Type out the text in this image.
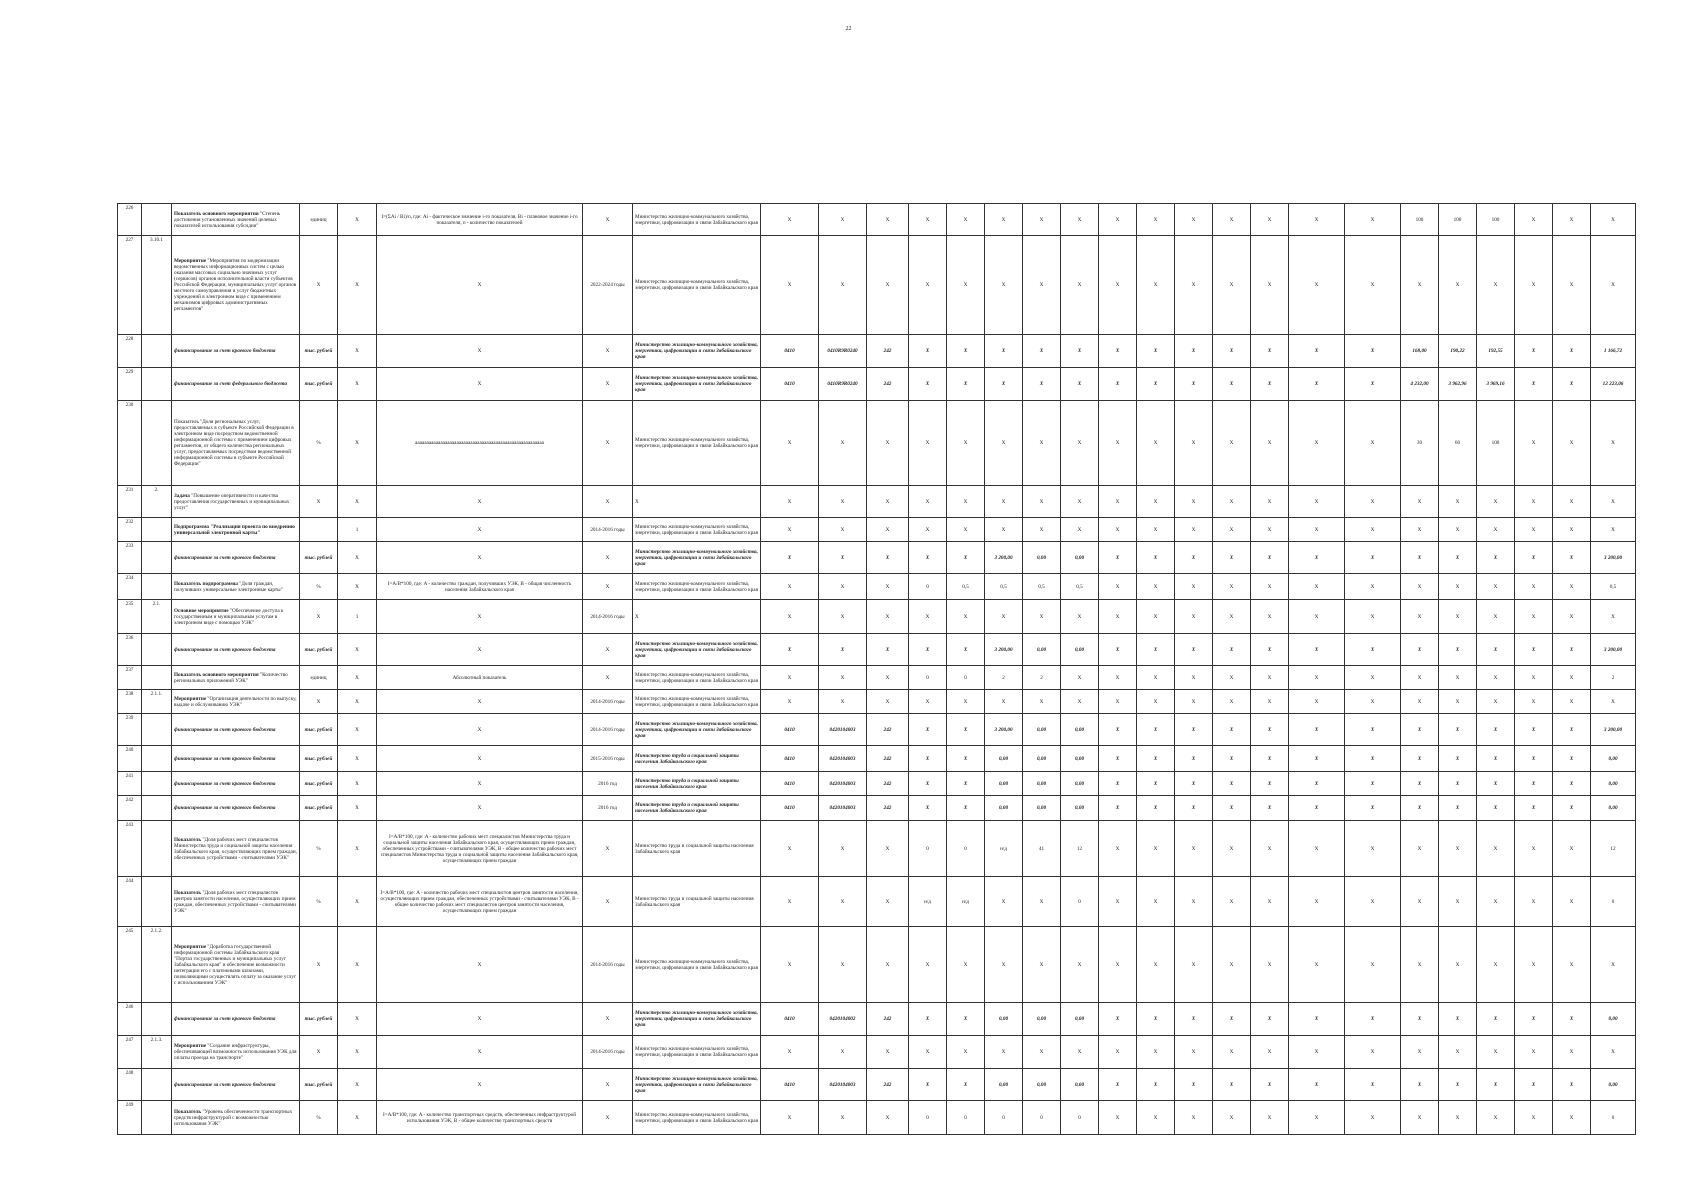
22
226		Показатель основного мероприятия "Степень достижения установленных значений целевых показателей использования субсидии"	единиц	X	I=(ΣAi / Bi)/n, где: Ai - фактическое значение i-го показателя, Bi - плановое значение i-го показателя, n - количество показателей	X	Министерство жилищно-коммунального хозяйства, энергетики, цифровизации и связи Забайкальского края	X	X	X	X	X	X	X	X	X	X	X	X	X	X	X	100	100	100	X	X	X
227	3.10.1	Мероприятие "Мероприятия по модернизации ведомственных информационных систем с целью оказания массовых социально значимых услуг (сервисов) органов исполнительной власти субъектов Российской Федерации, муниципальных услуг органов местного самоуправления и услуг бюджетных учреждений в электронном виде с применением механизмов цифровых административных регламентов"	X	X	X	2022-2024 годы	Министерство жилищно-коммунального хозяйства, энергетики, цифровизации и связи Забайкальского края	X	X	X	X	X	X	X	X	X	X	X	X	X	X	X	X	X	X	X	X	X
228		финансирование за счет краевого бюджета	тыс. рублей	X	X	X	Министерство жилищно-коммунального хозяйства, энергетики, цифровизации и связи Забайкальского края	0410	0410R9R0240	242	X	X	X	X	X	X	X	X	X	X	X	X	168,00	190,22	192,55	X	X	1 166,72
229		финансирование за счет федерального бюджета	тыс. рублей	X	X	X	Министерство жилищно-коммунального хозяйства, энергетики, цифровизации и связи Забайкальского края	0410	0410R9R0240	242	X	X	X	X	X	X	X	X	X	X	X	X	4 232,00	3 962,96	3 969,16	X	X	12 223,06
230		Показатель "Доля региональных услуг, предоставляемых в субъекте Российской Федерации в электронном виде посредством ведомственной информационной системы с применением цифровых регламентов, от общего количества региональных услуг, предоставляемых посредством ведомственной информационной системы в субъекте Российской Федерации"	%	X	аааааааааааааааааааааааааааааааааааааааааааааааааааааааа	X	Министерство жилищно-коммунального хозяйства, энергетики, цифровизации и связи Забайкальского края	X	X	X	X	X	X	X	X	X	X	X	X	X	X	X	30	60	100	X	X	X
231	2.	Задача "Повышение оперативности и качества предоставления государственных и муниципальных услуг"	X	X	X	X	X	X	X	X	X	X	X	X	X	X	X	X	X	X	X	X	X	X	X	X	X	X
232		Подпрограмма "Реализация проекта по внедрению универсальной электронной карты"		1	X	2014-2016 годы	Министерство жилищно-коммунального хозяйства, энергетики, цифровизации и связи Забайкальского края	X	X	X	X	X	X	X	X	X	X	X	X	X	X	X	X	X	X	X	X	X
233		финансирование за счет краевого бюджета	тыс. рублей	X	X	X	Министерство жилищно-коммунального хозяйства, энергетики, цифровизации и связи Забайкальского края	X	X	X	X	X	3 200,00	0,00	0,00	X	X	X	X	X	X	X	X	X	X	X	X	3 200,00
234		Показатель подпрограммы "Доля граждан, получивших универсальные электронные карты"	%	X	I=A/B*100, где: A - количество граждан, получивших УЭК, B - общая численность населения Забайкальского края	X	Министерство жилищно-коммунального хозяйства, энергетики, цифровизации и связи Забайкальского края	X	X	X	0	0,5	0,5	0,5	0,5	X	X	X	X	X	X	X	X	X	X	X	X	0,5
235	2.1.	Основное мероприятие "Обеспечение доступа к государственным и муниципальным услугам в электронном виде с помощью УЭК"	X	1	X	2014-2016 годы	X	X	X	X	X	X	X	X	X	X	X	X	X	X	X	X	X	X	X	X	X	X
236		финансирование за счет краевого бюджета	тыс. рублей	X	X	X	Министерство жилищно-коммунального хозяйства, энергетики, цифровизации и связи Забайкальского края	X	X	X	X	X	3 200,00	0,00	0,00	X	X	X	X	X	X	X	X	X	X	X	X	3 200,00
237		Показатель основного мероприятия "Количество региональных приложений УЭК"	единиц	X	Абсолютный показатель	X	Министерство жилищно-коммунального хозяйства, энергетики, цифровизации и связи Забайкальского края	X	X	X	0	0	2	2	X	X	X	X	X	X	X	X	X	X	X	X	X	2
238	2.1.1.	Мероприятие "Организация деятельности по выпуску, выдаче и обслуживанию УЭК"	X	X	X	2014-2016 годы	Министерство жилищно-коммунального хозяйства, энергетики, цифровизации и связи Забайкальского края	X	X	X	X	X	X	X	X	X	X	X	X	X	X	X	X	X	X	X	X	X
239		финансирование за счет краевого бюджета	тыс. рублей	X	X	2014-2016 годы	Министерство жилищно-коммунального хозяйства, энергетики, цифровизации и связи Забайкальского края	0410	0420104003	242	X	X	3 200,00	0,00	0,00	X	X	X	X	X	X	X	X	X	X	X	X	3 200,00
240		финансирование за счет краевого бюджета	тыс. рублей	X	X	2015-2016 годы	Министерство труда и социальной защиты населения Забайкальского края	0410	0420104003	242	X	X	0,00	0,00	0,00	X	X	X	X	X	X	X	X	X	X	X	X	0,00
241		финансирование за счет краевого бюджета	тыс. рублей	X	X	2016 год	Министерство труда и социальной защиты населения Забайкальского края	0410	0420104003	242	X	X	0,00	0,00	0,00	X	X	X	X	X	X	X	X	X	X	X	X	0,00
242		финансирование за счет краевого бюджета	тыс. рублей	X	X	2016 год	Министерство труда и социальной защиты населения Забайкальского края	0410	0420104003	242	X	X	0,00	0,00	0,00	X	X	X	X	X	X	X	X	X	X	X	X	0,00
243		Показатель "Доля рабочих мест специалистов Министерства труда и социальной защиты населения Забайкальского края, осуществляющих прием граждан, обеспеченных устройствами - считывателями УЭК"	%	X	I=A/B*100, где: A - количество рабочих мест специалистов Министерства труда и социальной защиты населения Забайкальского края, осуществляющих прием граждан, обеспеченных устройствами - считывателями УЭК, B - общее количество рабочих мест специалистов Министерства труда и социальной защиты населения Забайкальского края, осуществляющих прием граждан	X	Министерство труда и социальной защиты населения Забайкальского края	X	X	X	0	0	н/д	41	12	X	X	X	X	X	X	X	X	X	X	X	X	12
244		Показатель "Доля рабочих мест специалистов центров занятости населения, осуществляющих прием граждан, обеспеченных устройствами - считывателями УЭК"	%	X	I=A/B*100, где: A - количество рабочих мест специалистов центров занятости населения, осуществляющих прием граждан, обеспеченных устройствами - считывателями УЭК, B - общее количество рабочих мест специалистов центров занятости населения, осуществляющих прием граждан	X	Министерство труда и социальной защиты населения Забайкальского края	X	X	X	н/д	н/д	X	X	0	X	X	X	X	X	X	X	X	X	X	X	X	0
245	2.1.2.	Мероприятие "Доработка государственной информационной системы Забайкальского края "Портал государственных и муниципальных услуг Забайкальского края" и обеспечение возможности интеграции его с платежными шлюзами, позволяющими осуществлять оплату за оказание услуг с использованием УЭК"	X	X	X	2014-2016 годы	Министерство жилищно-коммунального хозяйства, энергетики, цифровизации и связи Забайкальского края	X	X	X	X	X	X	X	X	X	X	X	X	X	X	X	X	X	X	X	X	X
246		финансирование за счет краевого бюджета	тыс. рублей	X	X	X	Министерство жилищно-коммунального хозяйства, энергетики, цифровизации и связи Забайкальского края	0410	0420104002	242	X	X	0,00	0,00	0,00	X	X	X	X	X	X	X	X	X	X	X	X	0,00
247	2.1.3.	Мероприятие "Создание инфраструктуры, обеспечивающей возможность использования УЭК для оплаты проезда на транспорте"	X	X	X	2014-2016 годы	Министерство жилищно-коммунального хозяйства, энергетики, цифровизации и связи Забайкальского края	X	X	X	X	X	X	X	X	X	X	X	X	X	X	X	X	X	X	X	X	X
248		финансирование за счет краевого бюджета	тыс. рублей	X	X	X	Министерство жилищно-коммунального хозяйства, энергетики, цифровизации и связи Забайкальского края	0410	0420104003	242	X	X	0,00	0,00	0,00	X	X	X	X	X	X	X	X	X	X	X	X	0,00
249		Показатель "Уровень обеспеченности транспортных средств инфраструктурой с возможностью использования УЭК"	%	X	I=A/B*100, где: A - количество транспортных средств, обеспеченных инфраструктурой использования УЭК, B - общее количество транспортных средств	X	Министерство жилищно-коммунального хозяйства, энергетики, цифровизации и связи Забайкальского края	X	X	X	0	0	0	0	0	X	X	X	X	X	X	X	X	X	X	X	X	0
